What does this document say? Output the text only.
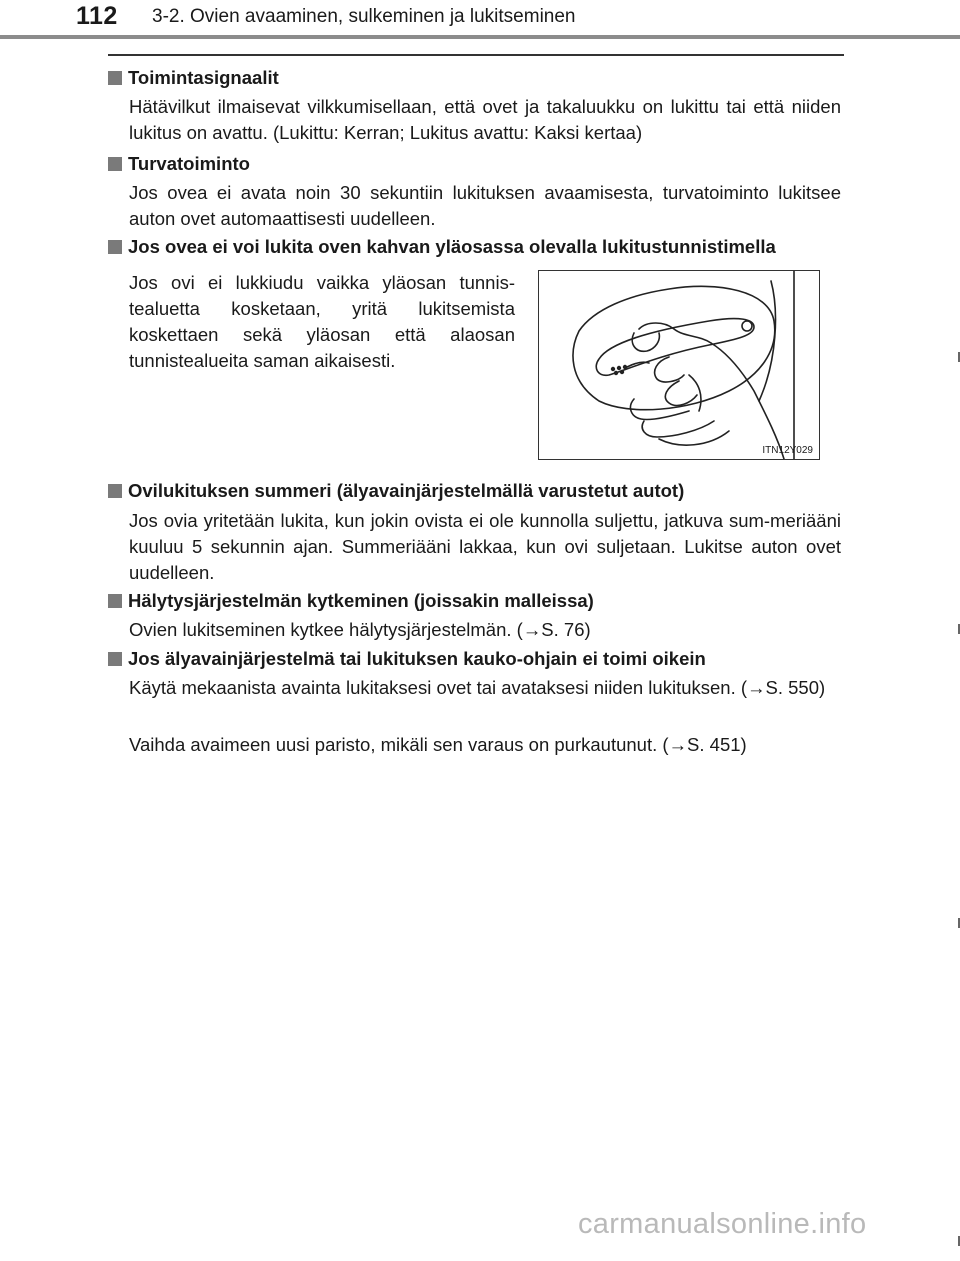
112 3-2. Ovien avaaminen, sulkeminen ja lukitseminen
Toimintasignaalit
Hätävilkut ilmaisevat vilkkumisellaan, että ovet ja takaluukku on lukittu tai että niiden lukitus on avattu. (Lukittu: Kerran; Lukitus avattu: Kaksi kertaa)
Turvatoiminto
Jos ovea ei avata noin 30 sekuntiin lukituksen avaamisesta, turvatoiminto lukitsee auton ovet automaattisesti uudelleen.
Jos ovea ei voi lukita oven kahvan yläosassa olevalla lukitustunnistimella
Jos ovi ei lukkiudu vaikka yläosan tunnis-tealuetta kosketaan, yritä lukitsemista koskettaen sekä yläosan että alaosan tunnistealueita saman aikaisesti.
ITN12Y029
Ovilukituksen summeri (älyavainjärjestelmällä varustetut autot)
Jos ovia yritetään lukita, kun jokin ovista ei ole kunnolla suljettu, jatkuva sum-meriääni kuuluu 5 sekunnin ajan. Summeriääni lakkaa, kun ovi suljetaan. Lukitse auton ovet uudelleen.
Hälytysjärjestelmän kytkeminen (joissakin malleissa)
Ovien lukitseminen kytkee hälytysjärjestelmän. (→S. 76)
Jos älyavainjärjestelmä tai lukituksen kauko-ohjain ei toimi oikein
Käytä mekaanista avainta lukitaksesi ovet tai avataksesi niiden lukituksen. (→S. 550)
Vaihda avaimeen uusi paristo, mikäli sen varaus on purkautunut. (→S. 451)
carmanualsonline.info
